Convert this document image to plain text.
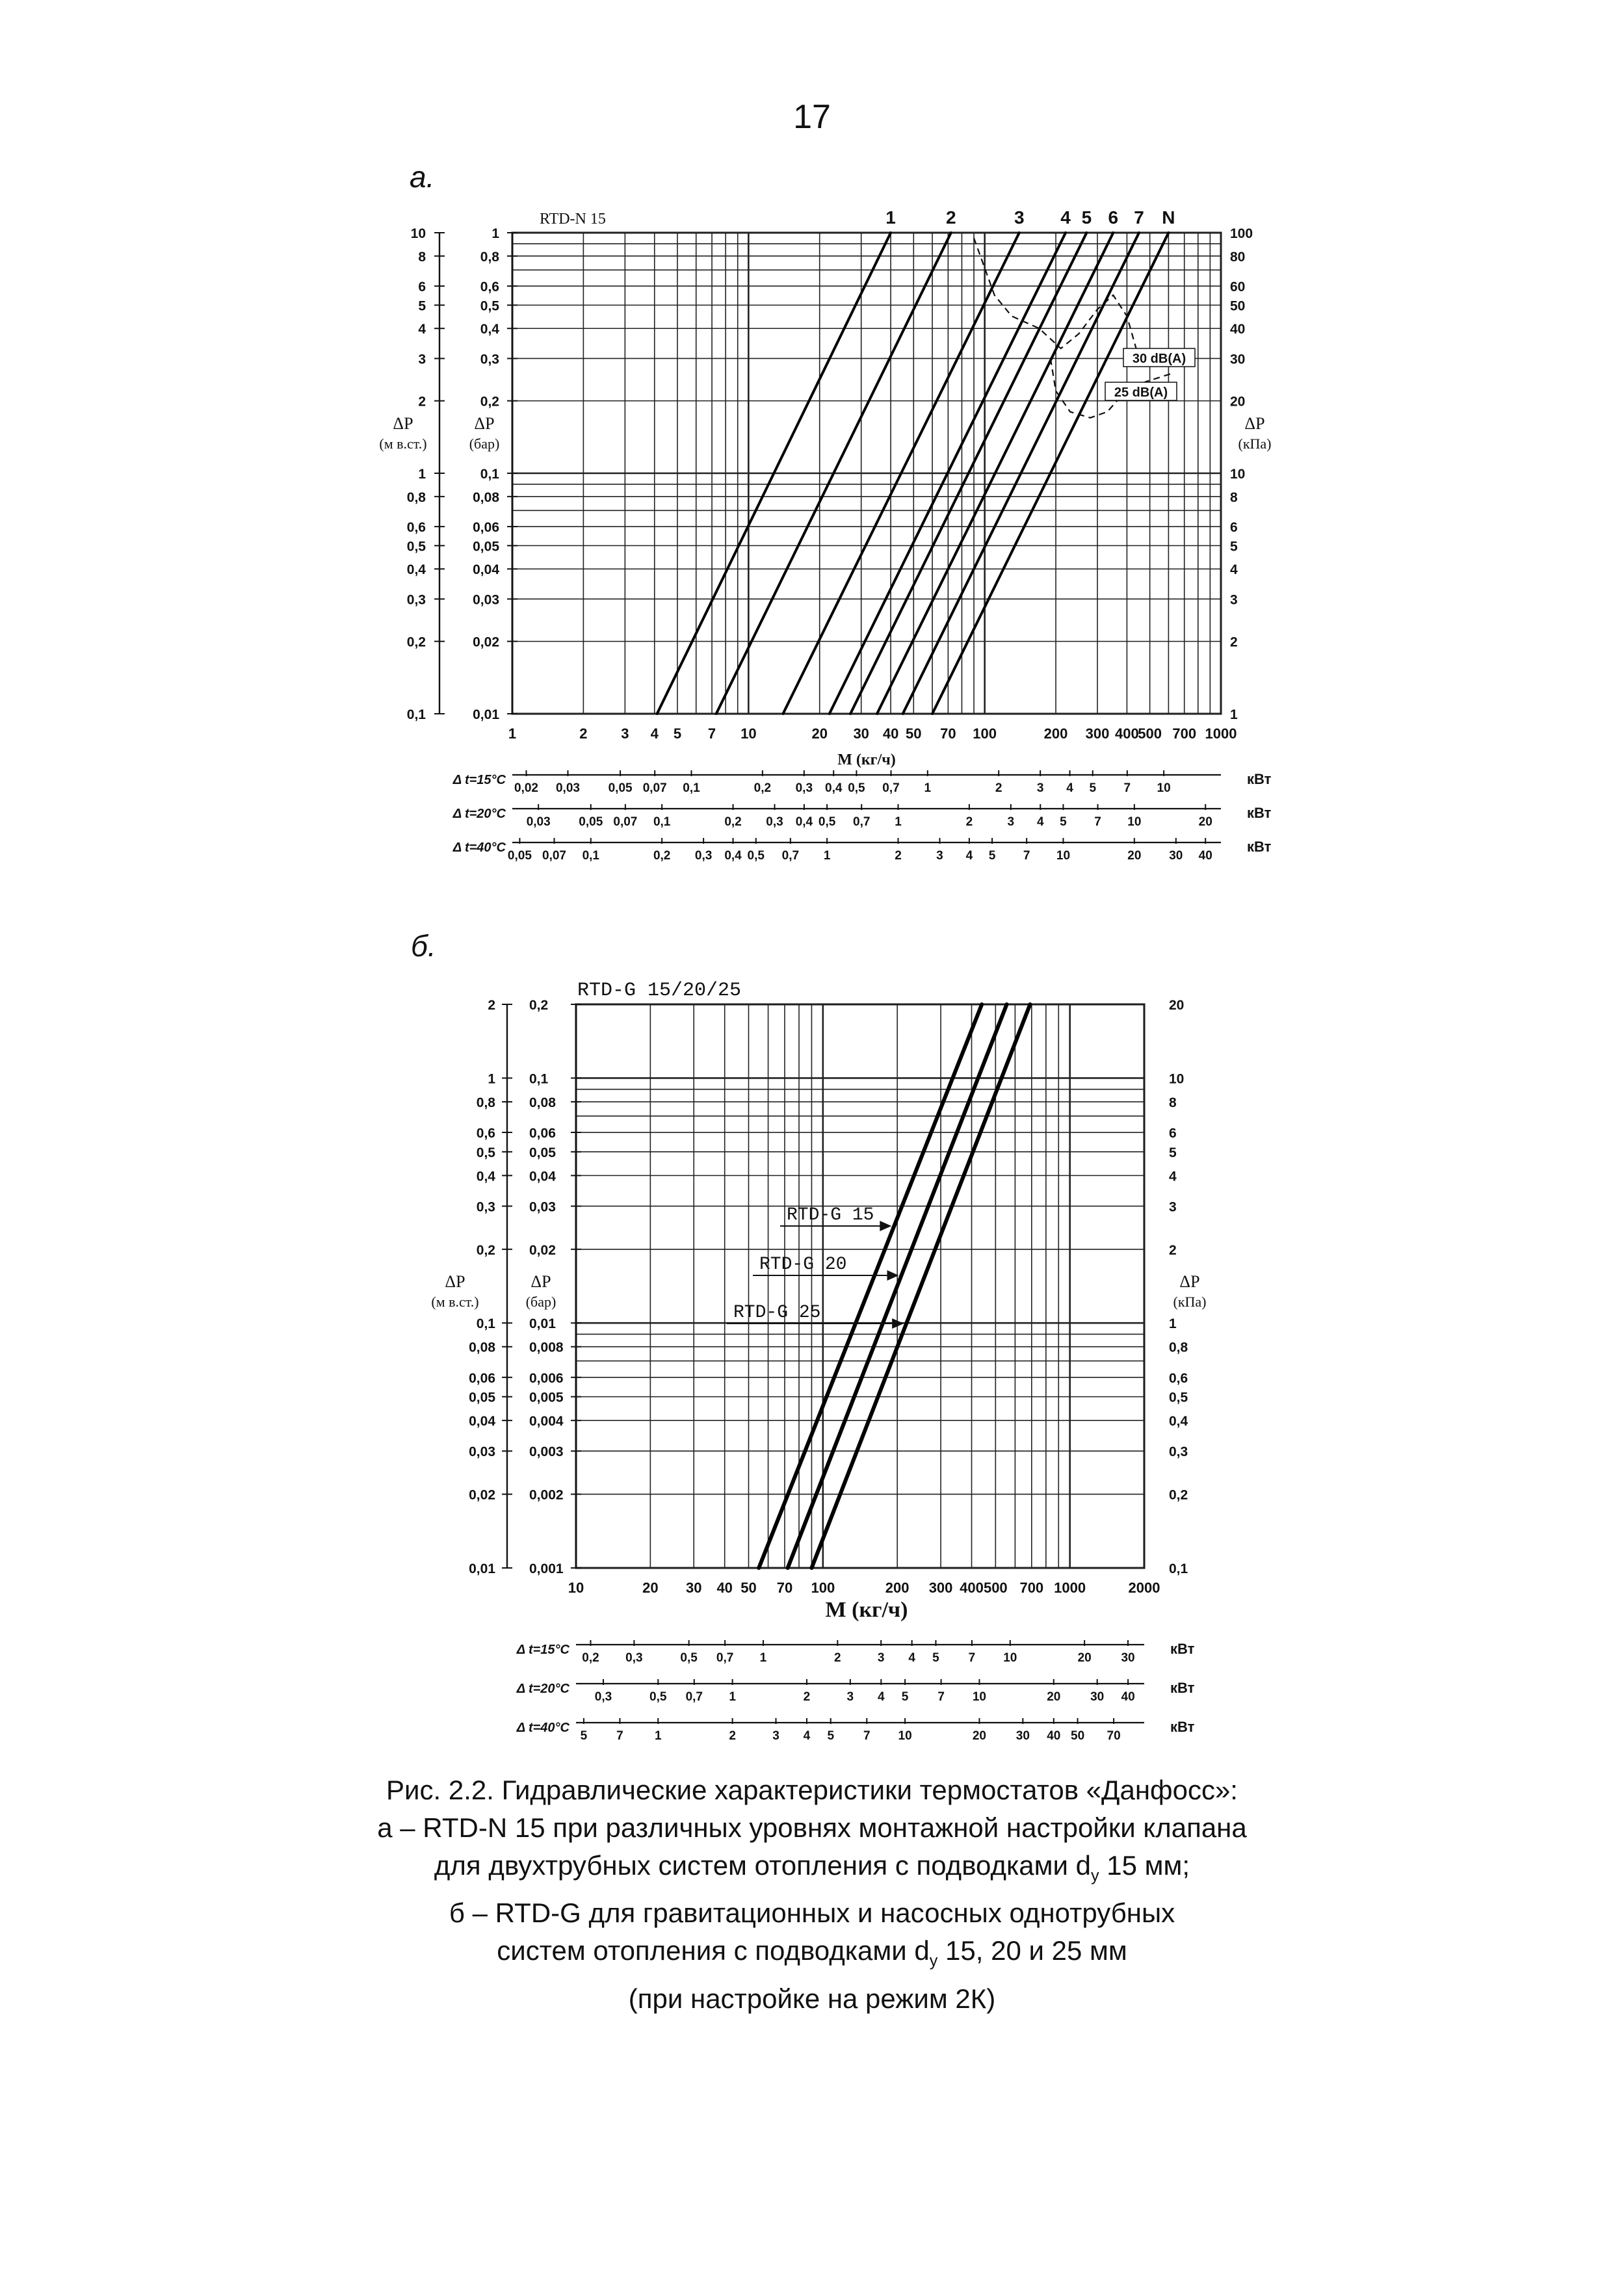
17
а.
б.
RTD-N 15
1	2 3 4 5 7 10	20 30 40 50 70 100	200 300 400
500 700 1000
M (кг/ч)
10
8
6
5
4
3
2
1
0,8
0,6
0,5
0,4
0,3
0,2
0,1
ΔP
(м в.ст.)
1
0,8
0,6
0,5
0,4
0,3
0,2
0,1
0,08
0,06
0,05
0,04
0,03
0,02
0,01
ΔP
(бар)
100
80
60
50
40
30
20
10
8
6
5
4
3
2
1
ΔP
(кПа)
1	2	3 4 5 6 7 N
Δ t=15°C	кВт
0,02 0,03 0,05 0,07 0,1	0,2 0,3 0,4 0,5 0,7 1	2	3 4 5 7 10
Δ t=20°C	кВт
0,03 0,05 0,07 0,1	0,2 0,3 0,4 0,5 0,7 1	2	3 4 5 7 10	20
Δ t=40°C	кВт
0,05 0,07 0,1	0,2 0,3 0,4 0,5 0,7 1	2	3 4 5 7 10	20 30 40
30 dB(A)
25 dB(A)
RTD-G 15/20/25
10	20 30 40 50 70 100	200 300 400 500 700 1000	2000
M (кг/ч)
2
1
0,8
0,6
0,5
0,4
0,3
0,2
0,1
0,08
0,06
0,05
0,04
0,03
0,02
0,01
ΔP
(м в.ст.)
0,2
0,1
0,08
0,06
0,05
0,04
0,03
0,02
0,01
0,008
0,006
0,005
0,004
0,003
0,002
0,001
ΔP
(бар)
20
10
8
6
5
4
3
2
1
0,8
0,6
0,5
0,4
0,3
0,2
0,1
ΔP
(кПа)
Δ t=15°C	кВт
0,2 0,3	0,5 0,7 1	2	3 4 5 7 10	20 30
Δ t=20°C	кВт
0,3	0,5 0,7 1	2	3 4 5 7 10	20 30 40
Δ t=40°C	кВт
5 7	1	2	3 4 5 7 10	20 30 40 50 70
RTD-G 15
RTD-G 20
RTD-G 25
Рис. 2.2. Гидравлические характеристики термостатов «Данфосс»:
а – RTD-N 15 при различных уровнях монтажной настройки клапана
для двухтрубных систем отопления с подводками $d_у$ 15 мм;
б – RTD-G для гравитационных и насосных однотрубных
систем отопления с подводками $d_у$ 15, 20 и 25 мм
(при настройке на режим 2К)
